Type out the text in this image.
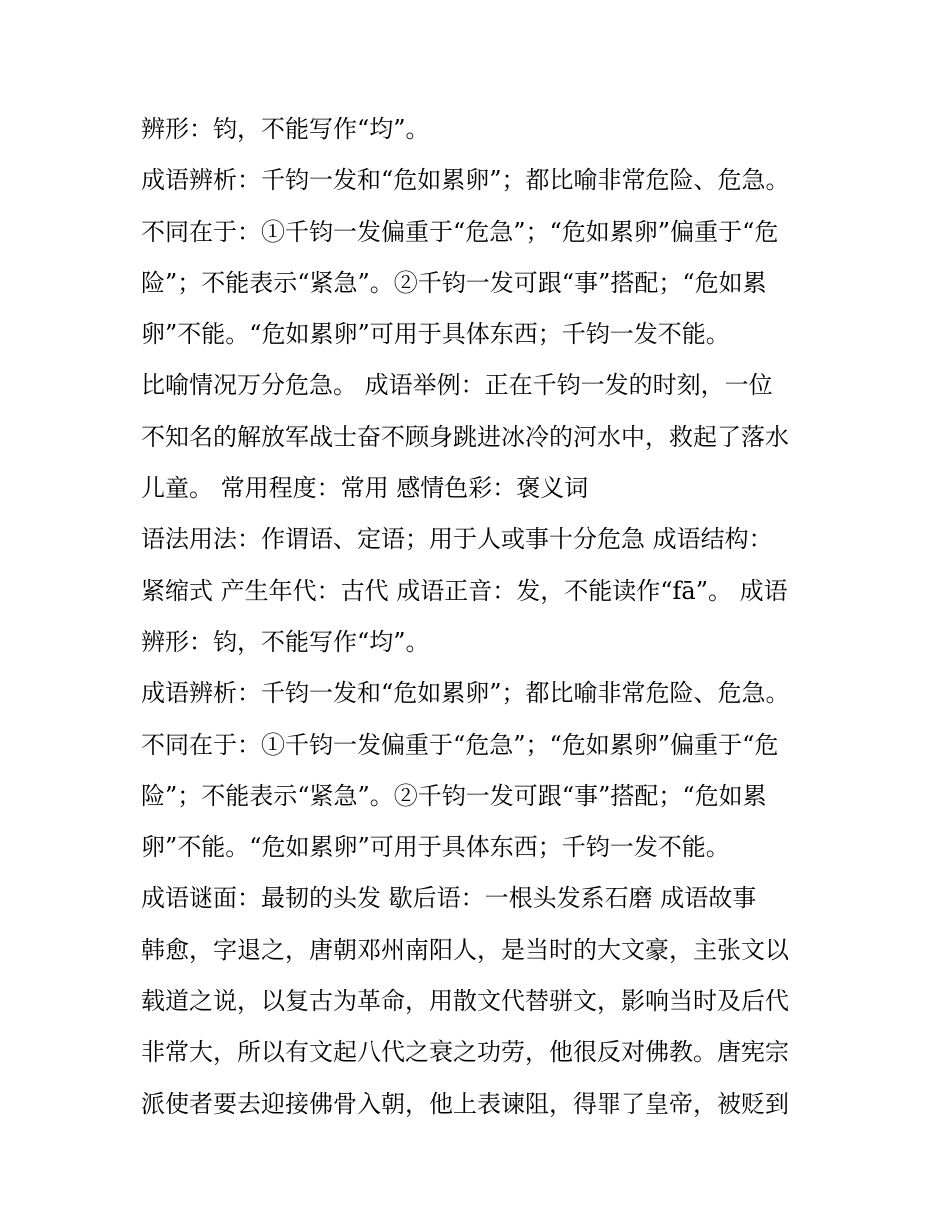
辨形：钧，不能写作“均”。
成语辨析：千钧一发和“危如累卵”；都比喻非常危险、危急。
不同在于：①千钧一发偏重于“危急”；“危如累卵”偏重于“危
险”；不能表示“紧急”。②千钧一发可跟“事”搭配；“危如累
卵”不能。“危如累卵”可用于具体东西；千钧一发不能。
比喻情况万分危急。 成语举例：正在千钧一发的时刻，一位
不知名的解放军战士奋不顾身跳进冰冷的河水中，救起了落水
儿童。 常用程度：常用 感情色彩：褒义词
语法用法：作谓语、定语；用于人或事十分危急 成语结构：
紧缩式 产生年代：古代 成语正音：发，不能读作“fā”。 成语
辨形：钧，不能写作“均”。
成语辨析：千钧一发和“危如累卵”；都比喻非常危险、危急。
不同在于：①千钧一发偏重于“危急”；“危如累卵”偏重于“危
险”；不能表示“紧急”。②千钧一发可跟“事”搭配；“危如累
卵”不能。“危如累卵”可用于具体东西；千钧一发不能。
成语谜面：最韧的头发 歇后语：一根头发系石磨 成语故事
韩愈，字退之，唐朝邓州南阳人，是当时的大文豪，主张文以
载道之说，以复古为革命，用散文代替骈文，影响当时及后代
非常大，所以有文起八代之衰之功劳，他很反对佛教。唐宪宗
派使者要去迎接佛骨入朝，他上表谏阻，得罪了皇帝，被贬到
